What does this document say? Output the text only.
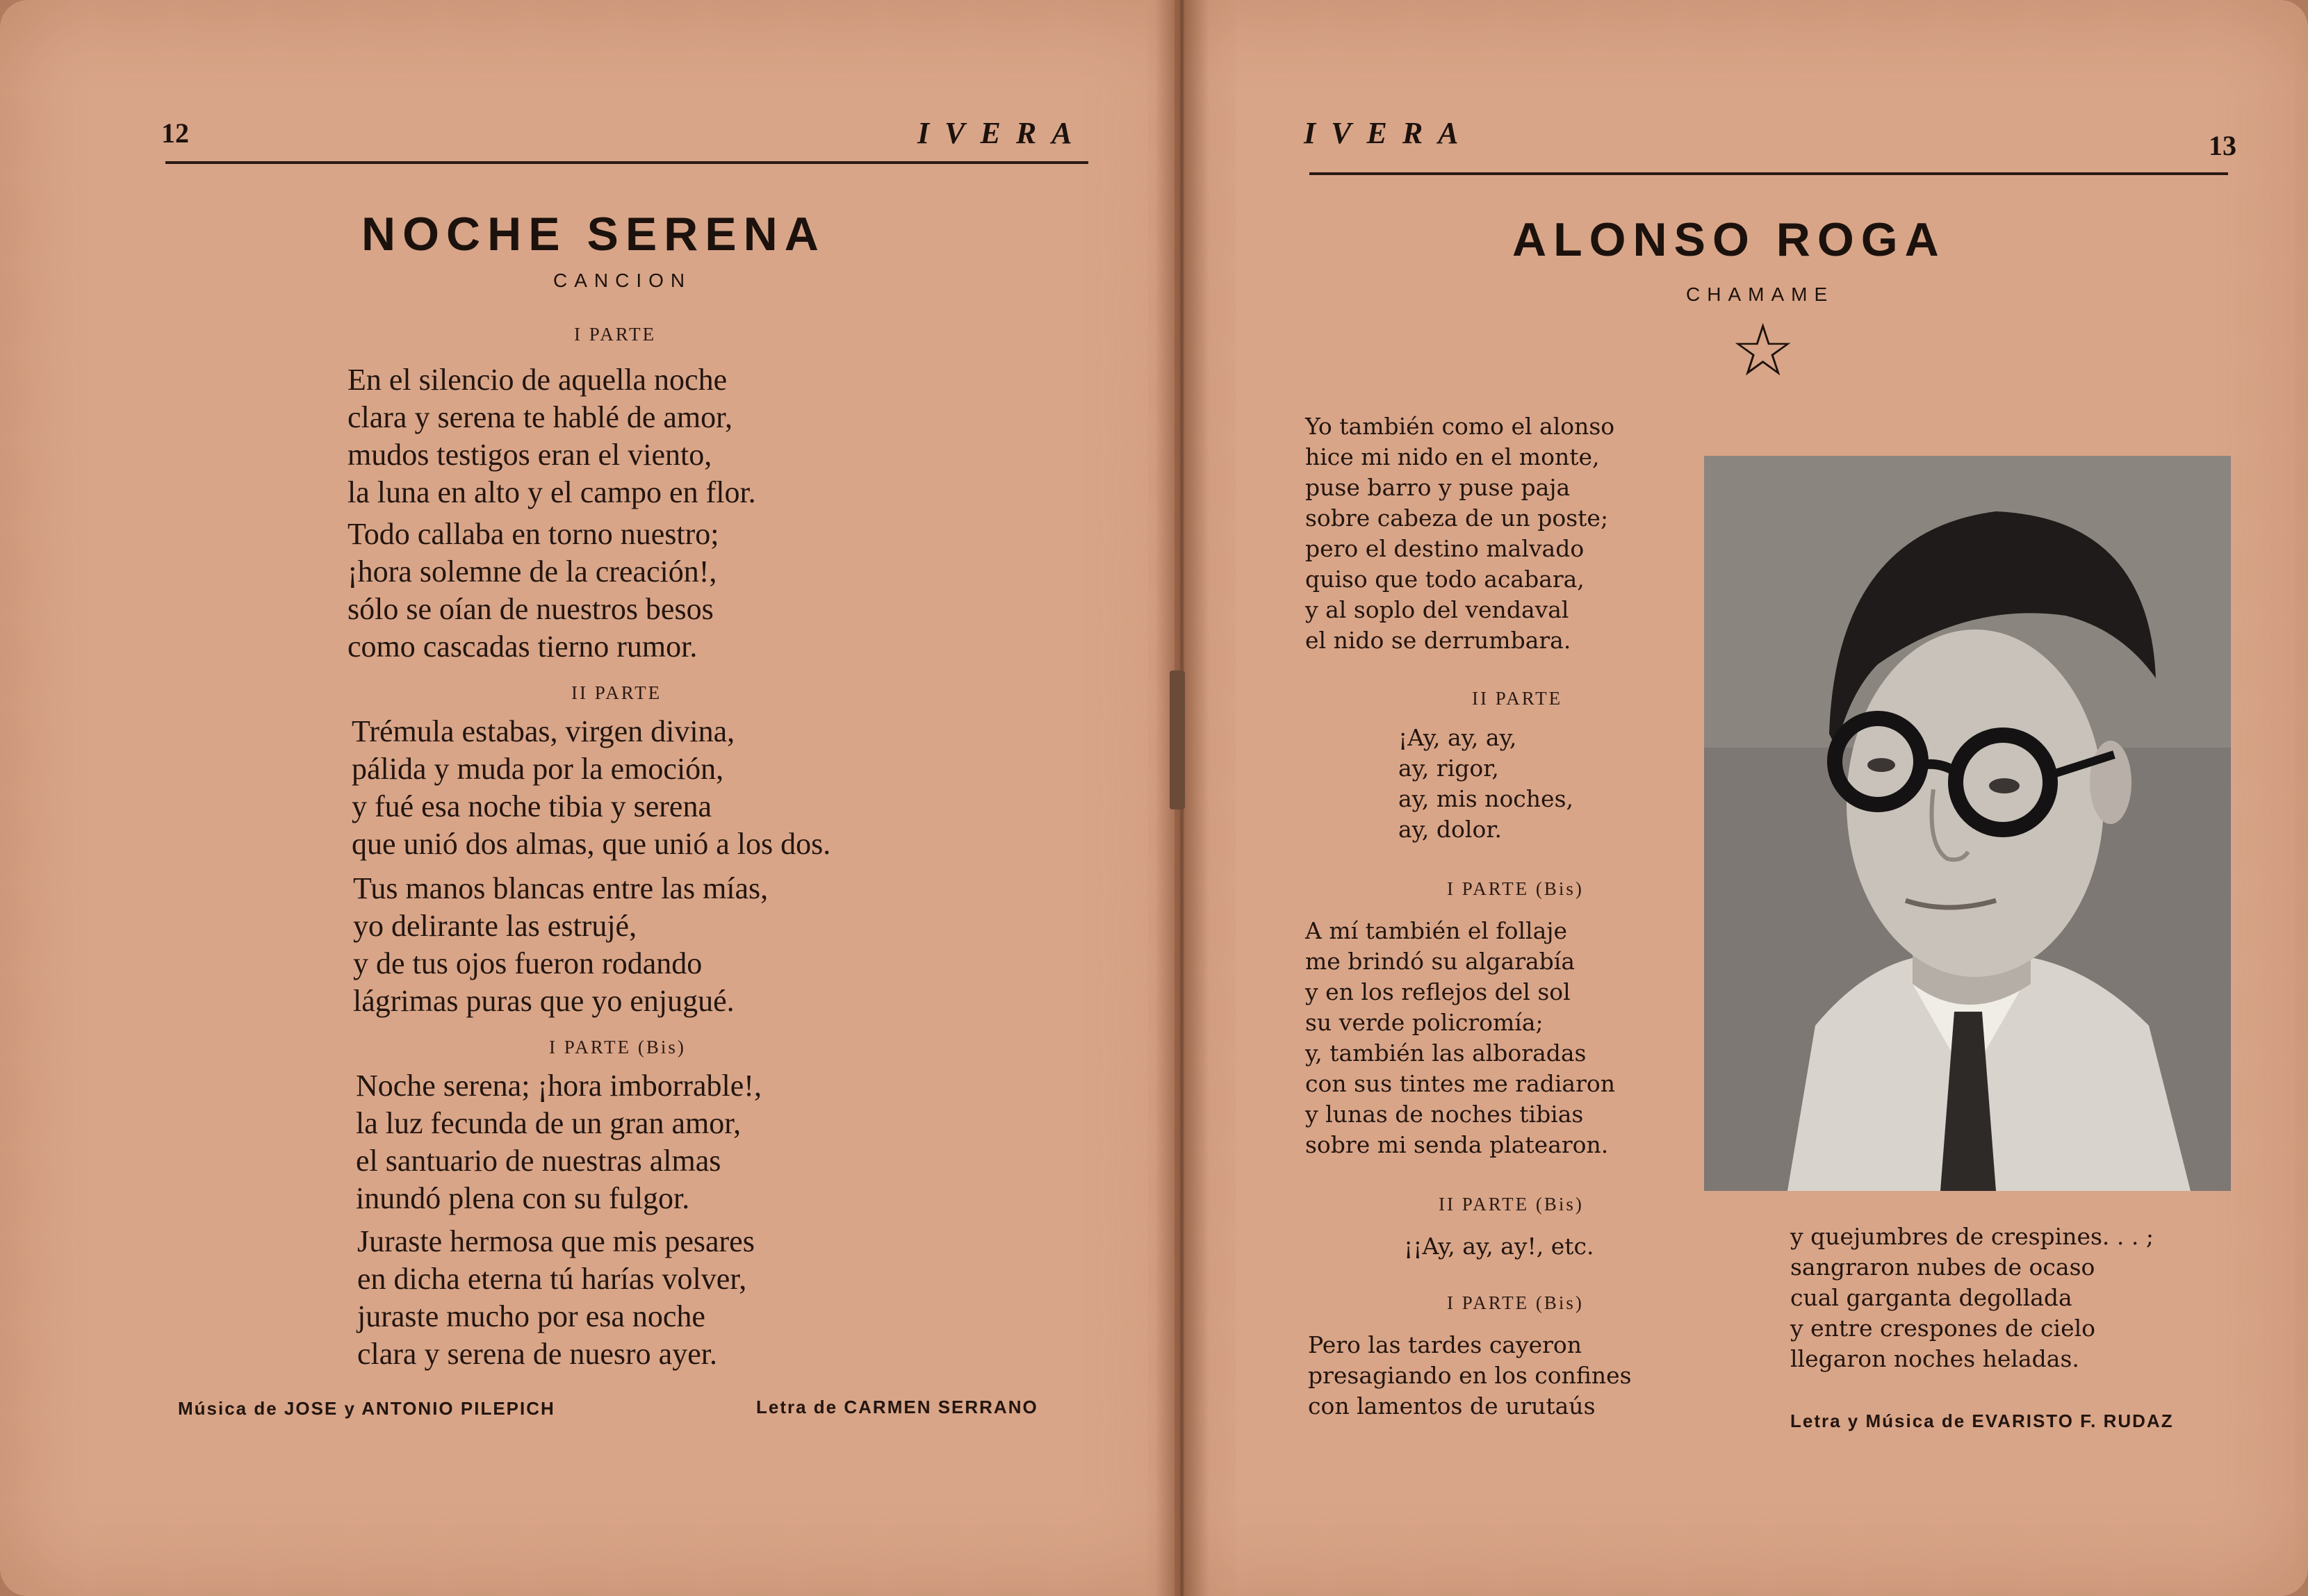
12	IVERA
NOCHE SERENA
CANCION
I PARTE
En el silencio de aquella noche
clara y serena te hablé de amor,
mudos testigos eran el viento,
la luna en alto y el campo en flor.
Todo callaba en torno nuestro;
¡hora solemne de la creación!,
sólo se oían de nuestros besos
como cascadas tierno rumor.
II PARTE
Trémula estabas, virgen divina,
pálida y muda por la emoción,
y fué esa noche tibia y serena
que unió dos almas, que unió a los dos.
Tus manos blancas entre las mías,
yo delirante las estrujé,
y de tus ojos fueron rodando
lágrimas puras que yo enjugué.
I PARTE (Bis)
Noche serena; ¡hora imborrable!,
la luz fecunda de un gran amor,
el santuario de nuestras almas
inundó plena con su fulgor.
Juraste hermosa que mis pesares
en dicha eterna tú harías volver,
juraste mucho por esa noche
clara y serena de nuesro ayer.
Música de JOSE y ANTONIO PILEPICH	Letra de CARMEN SERRANO
IVERA	13
ALONSO ROGA
CHAMAME
☆
Yo también como el alonso
hice mi nido en el monte,
puse barro y puse paja
sobre cabeza de un poste;
pero el destino malvado
quiso que todo acabara,
y al soplo del vendaval
el nido se derrumbara.
II PARTE
¡Ay, ay, ay,
ay, rigor,
ay, mis noches,
ay, dolor.
I PARTE (Bis)
A mí también el follaje
me brindó su algarabía
y en los reflejos del sol
su verde policromía;
y, también las alboradas
con sus tintes me radiaron
y lunas de noches tibias
sobre mi senda platearon.
II PARTE (Bis)
¡¡Ay, ay, ay!, etc.
I PARTE (Bis)
Pero las tardes cayeron
presagiando en los confines
con lamentos de urutaús
y quejumbres de crespines. . . ;
sangraron nubes de ocaso
cual garganta degollada
y entre crespones de cielo
llegaron noches heladas.
Letra y Música de EVARISTO F. RUDAZ
